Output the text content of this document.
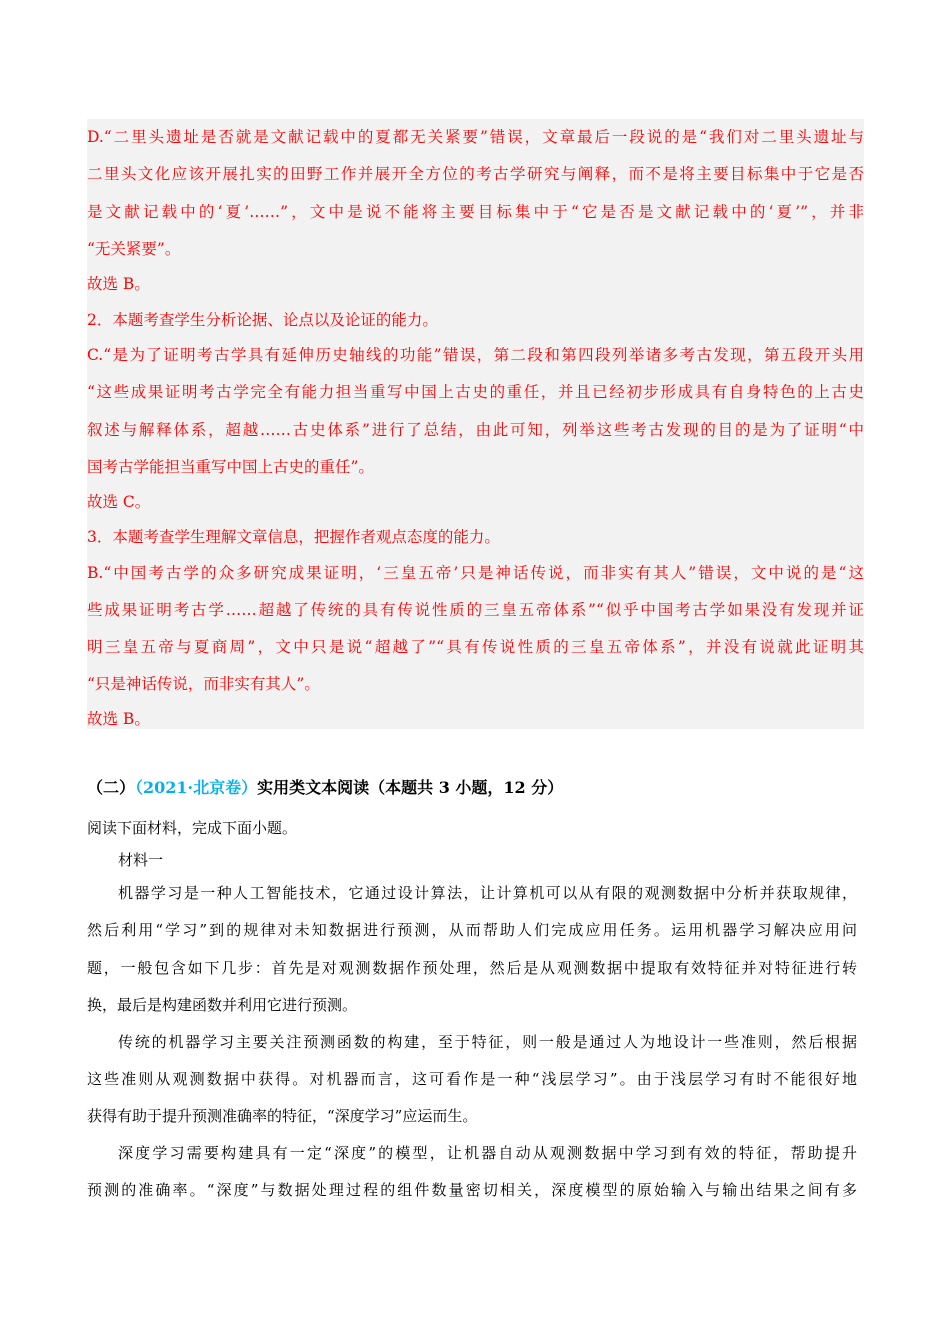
D.“二里头遗址是否就是文献记载中的夏都无关紧要”错误，文章最后一段说的是“我们对二里头遗址与
二里头文化应该开展扎实的田野工作并展开全方位的考古学研究与阐释，而不是将主要目标集中于它是否
是文献记载中的‘夏’……”，文中是说不能将主要目标集中于“它是否是文献记载中的‘夏’”，并非
“无关紧要”。
故选 B。
2．本题考查学生分析论据、论点以及论证的能力。
C.“是为了证明考古学具有延伸历史轴线的功能”错误，第二段和第四段列举诸多考古发现，第五段开头用
“这些成果证明考古学完全有能力担当重写中国上古史的重任，并且已经初步形成具有自身特色的上古史
叙述与解释体系，超越……古史体系”进行了总结，由此可知，列举这些考古发现的目的是为了证明“中
国考古学能担当重写中国上古史的重任”。
故选 C。
3．本题考查学生理解文章信息，把握作者观点态度的能力。
B.“中国考古学的众多研究成果证明，‘三皇五帝’只是神话传说，而非实有其人”错误，文中说的是“这
些成果证明考古学……超越了传统的具有传说性质的三皇五帝体系”“似乎中国考古学如果没有发现并证
明三皇五帝与夏商周”，文中只是说“超越了”“具有传说性质的三皇五帝体系”，并没有说就此证明其
“只是神话传说，而非实有其人”。
故选 B。
（二）（2021·北京卷）实用类文本阅读（本题共 3 小题，12 分）
阅读下面材料，完成下面小题。
材料一
机器学习是一种人工智能技术，它通过设计算法，让计算机可以从有限的观测数据中分析并获取规律，
然后利用“学习”到的规律对未知数据进行预测，从而帮助人们完成应用任务。运用机器学习解决应用问
题，一般包含如下几步：首先是对观测数据作预处理，然后是从观测数据中提取有效特征并对特征进行转
换，最后是构建函数并利用它进行预测。
传统的机器学习主要关注预测函数的构建，至于特征，则一般是通过人为地设计一些准则，然后根据
这些准则从观测数据中获得。对机器而言，这可看作是一种“浅层学习”。由于浅层学习有时不能很好地
获得有助于提升预测准确率的特征，“深度学习”应运而生。
深度学习需要构建具有一定“深度”的模型，让机器自动从观测数据中学习到有效的特征，帮助提升
预测的准确率。“深度”与数据处理过程的组件数量密切相关，深度模型的原始输入与输出结果之间有多
